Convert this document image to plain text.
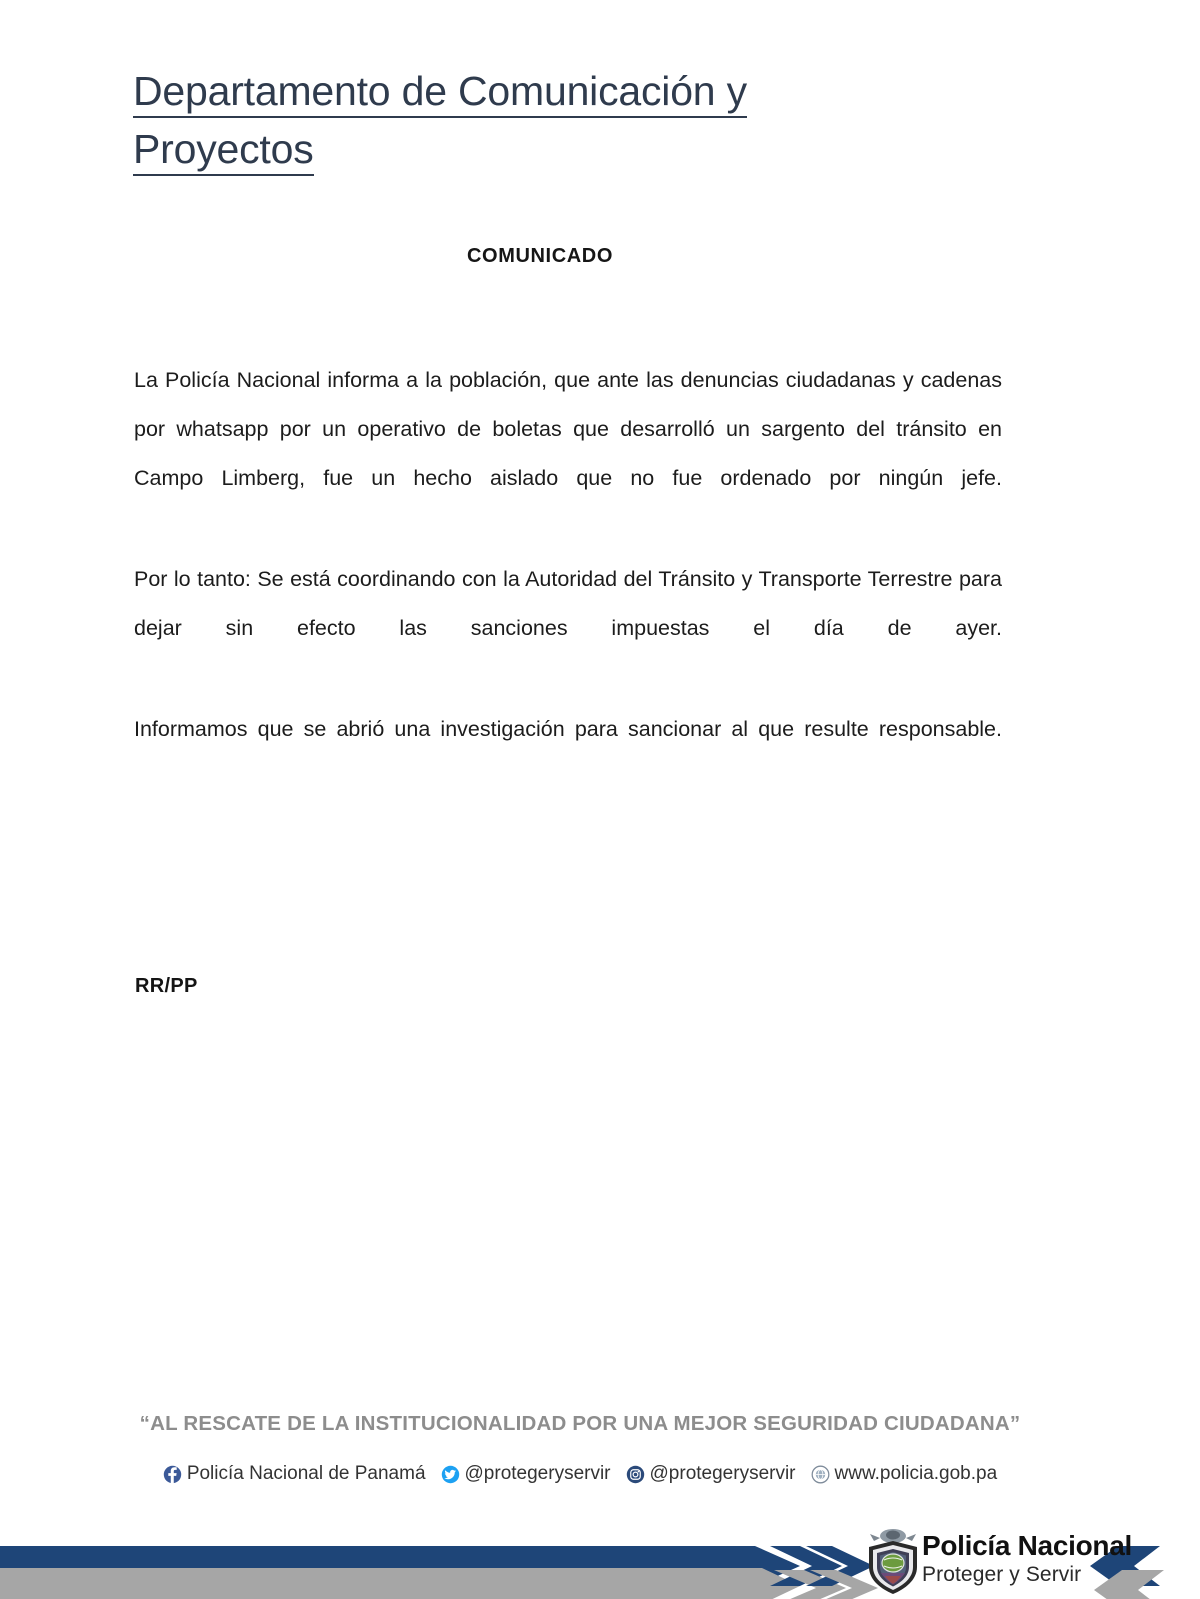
Departamento de Comunicación y
Proyectos
COMUNICADO

La Policía Nacional informa a la población, que ante las denuncias ciudadanas y cadenas por whatsapp por un operativo de boletas que desarrolló un sargento del tránsito en Campo Limberg, fue un hecho aislado que no fue ordenado por ningún jefe.

Por lo tanto: Se está coordinando con la Autoridad del Tránsito y Transporte Terrestre para dejar sin efecto las sanciones impuestas el día de ayer.

Informamos que se abrió una investigación para sancionar al que resulte responsable.

RR/PP
“AL RESCATE DE LA INSTITUCIONALIDAD POR UNA MEJOR SEGURIDAD CIUDADANA”
Policía Nacional de Panamá @protegeryservir @protegeryservir www.policia.gob.pa
Policía Nacional
Proteger y Servir
